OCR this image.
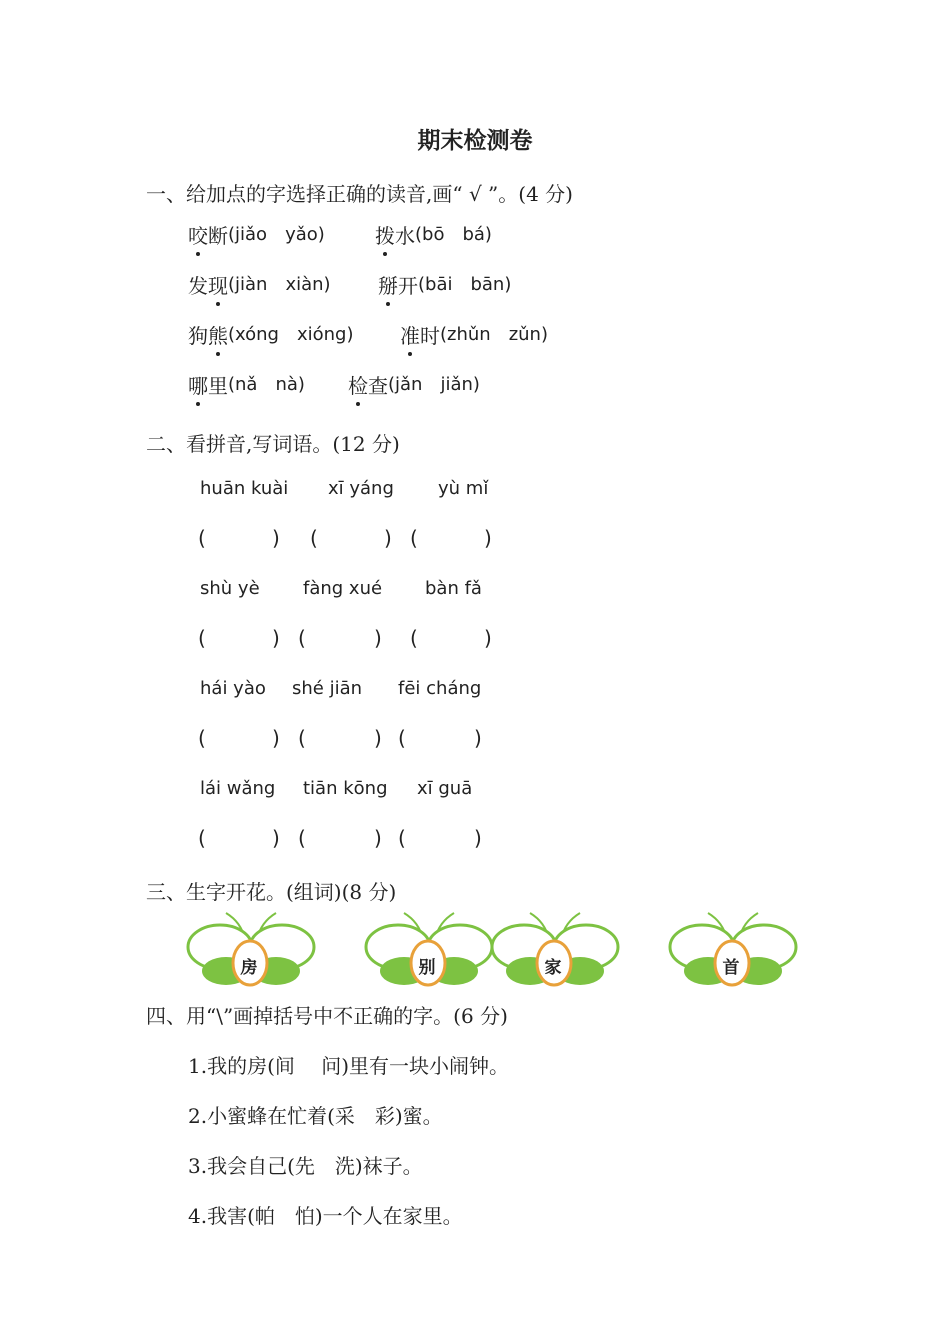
期末检测卷
一、给加点的字选择正确的读音,画“ √ ”。(4 分)
咬 断 (jiǎo　yǎo)	拨 水 (bō　bá)
发 现 (jiàn　xiàn) 掰 开 (bāi　bān)
狗 熊 (xóng　xióng) 准 时 (zhǔn　zǔn)
哪 里 (nǎ　nà) 检 查 (jǎn　jiǎn)
二、看拼音,写词语。(12 分)
huān kuài xī yáng yù mǐ
(	) (	) (	)
shù yè fàng xué bàn fǎ
(	) (	) (	)
hái yào shé jiān fēi cháng
(	) (	) (	)
lái wǎng tiān kōng xī guā
(	) (	) (	)
三、生字开花。(组词)(8 分)
房	别	家	首
四、用“\”画掉括号中不正确的字。(6 分)
1.我的房(间　 问)里有一块小闹钟。
2.小蜜蜂在忙着(采　彩)蜜。
3.我会自己(先　洗)袜子。
4.我害(帕　怕)一个人在家里。
